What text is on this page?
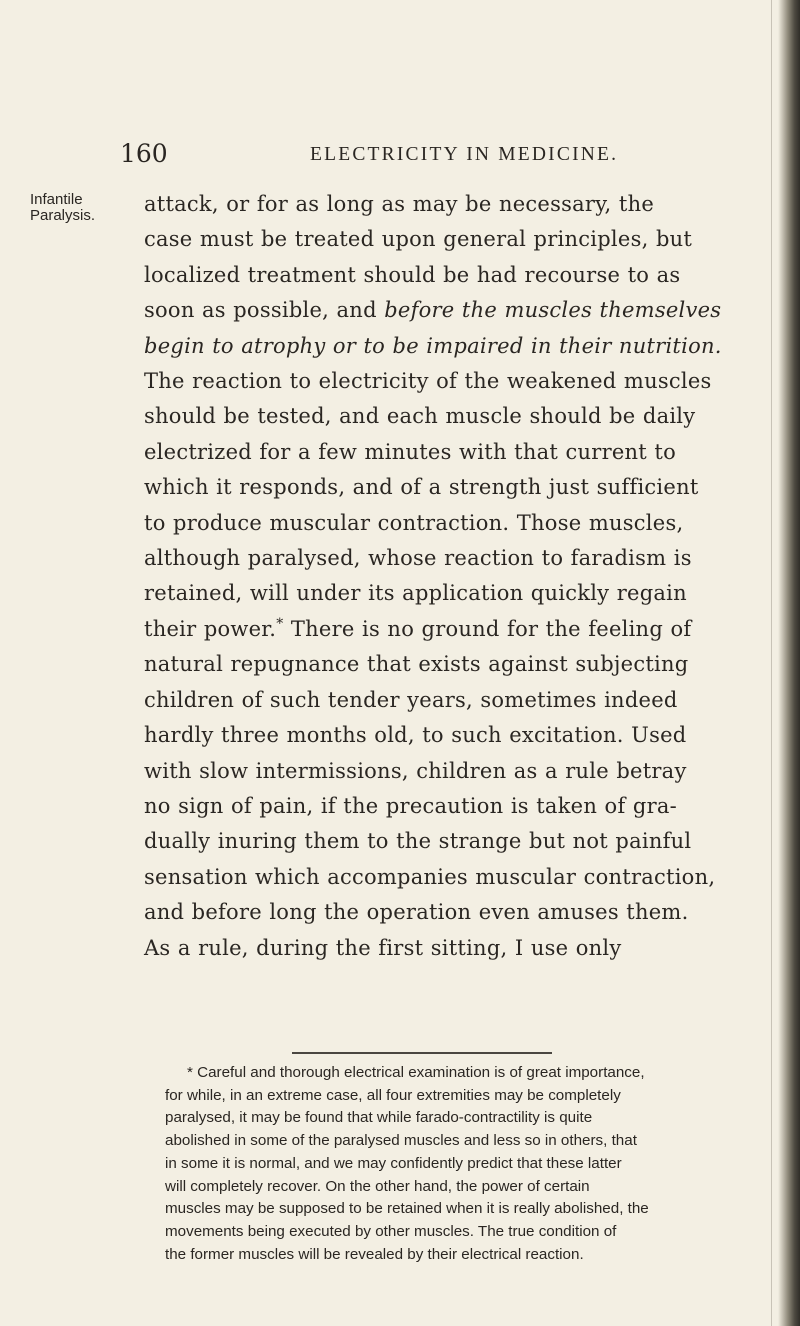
160	ELECTRICITY IN MEDICINE.
Infantile
Paralysis.	attack, or for as long as may be necessary, the
case must be treated upon general principles, but
localized treatment should be had recourse to as
soon as possible, and before the muscles themselves
begin to atrophy or to be impaired in their nutrition.
The reaction to electricity of the weakened muscles
should be tested, and each muscle should be daily
electrized for a few minutes with that current to
which it responds, and of a strength just sufficient
to produce muscular contraction. Those muscles,
although paralysed, whose reaction to faradism is
retained, will under its application quickly regain
their power.* There is no ground for the feeling of
natural repugnance that exists against subjecting
children of such tender years, sometimes indeed
hardly three months old, to such excitation. Used
with slow intermissions, children as a rule betray
no sign of pain, if the precaution is taken of gra-
dually inuring them to the strange but not painful
sensation which accompanies muscular contraction,
and before long the operation even amuses them.
As a rule, during the first sitting, I use only
* Careful and thorough electrical examination is of great importance,
for while, in an extreme case, all four extremities may be completely
paralysed, it may be found that while farado-contractility is quite
abolished in some of the paralysed muscles and less so in others, that
in some it is normal, and we may confidently predict that these latter
will completely recover. On the other hand, the power of certain
muscles may be supposed to be retained when it is really abolished, the
movements being executed by other muscles. The true condition of
the former muscles will be revealed by their electrical reaction.
